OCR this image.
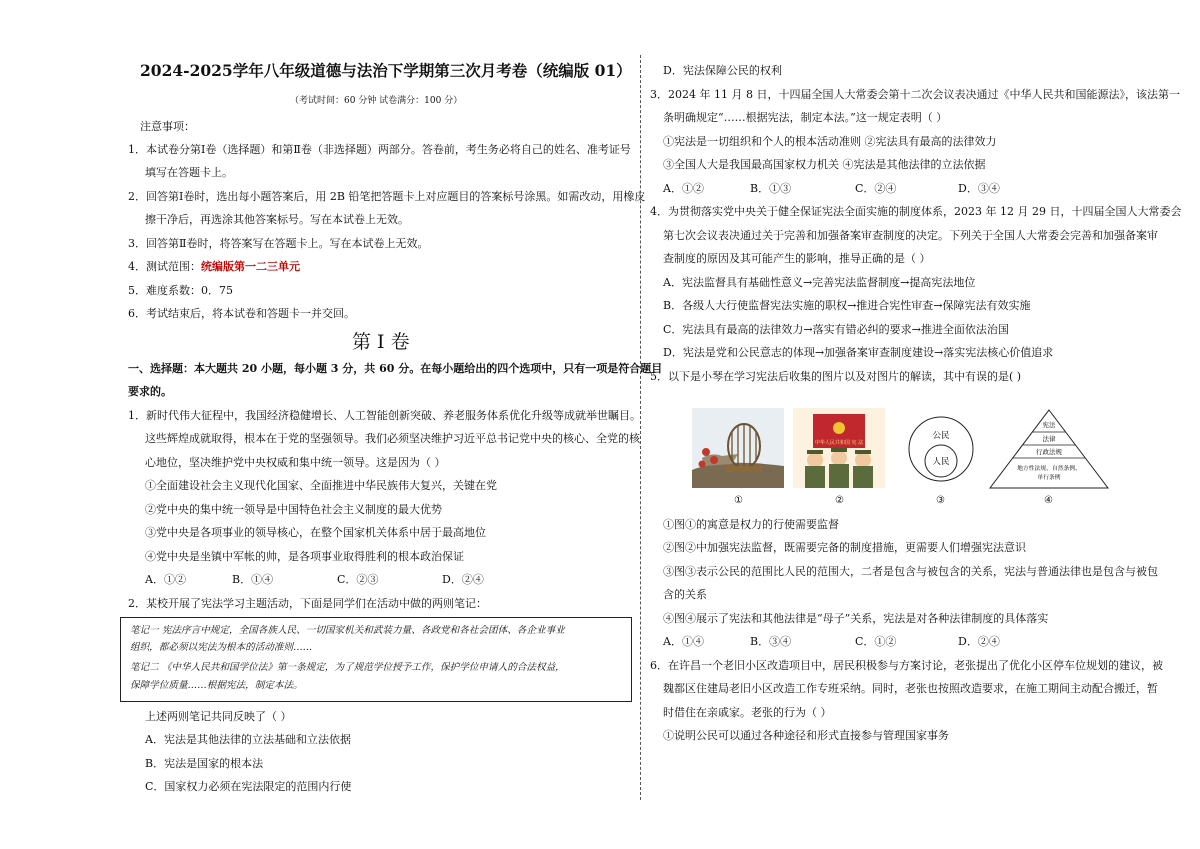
2024-2025学年八年级道德与法治下学期第三次月考卷（统编版 01）
（考试时间：60 分钟 试卷满分：100 分）
注意事项：
1．本试卷分第Ⅰ卷（选择题）和第Ⅱ卷（非选择题）两部分。答卷前，考生务必将自己的姓名、准考证号
填写在答题卡上。
2．回答第Ⅰ卷时，选出每小题答案后，用 2B 铅笔把答题卡上对应题目的答案标号涂黑。如需改动，用橡皮
擦干净后，再选涂其他答案标号。写在本试卷上无效。
3．回答第Ⅱ卷时，将答案写在答题卡上。写在本试卷上无效。
4．测试范围：统编版第一二三单元
5．难度系数：0．75
6．考试结束后，将本试卷和答题卡一并交回。
第 Ⅰ 卷
一、选择题：本大题共 20 小题，每小题 3 分，共 60 分。在每小题给出的四个选项中，只有一项是符合题目
要求的。
1．新时代伟大征程中，我国经济稳健增长、人工智能创新突破、养老服务体系优化升级等成就举世瞩目。
这些辉煌成就取得，根本在于党的坚强领导。我们必须坚决维护习近平总书记党中央的核心、全党的核
心地位，坚决维护党中央权威和集中统一领导。这是因为（ ）
①全面建设社会主义现代化国家、全面推进中华民族伟大复兴，关键在党
②党中央的集中统一领导是中国特色社会主义制度的最大优势
③党中央是各项事业的领导核心，在整个国家机关体系中居于最高地位
④党中央是坐镇中军帐的帅，是各项事业取得胜利的根本政治保证
A．①②	B．①④	C．②③	D．②④
2．某校开展了宪法学习主题活动，下面是同学们在活动中做的两则笔记：
笔记一 宪法序言中规定，全国各族人民、一切国家机关和武装力量、各政党和各社会团体、各企业事业
组织，都必须以宪法为根本的活动准则……
笔记二 《中华人民共和国学位法》第一条规定，为了规范学位授予工作，保护学位申请人的合法权益，
保障学位质量……根据宪法，制定本法。
上述两则笔记共同反映了（ ）
A．宪法是其他法律的立法基础和立法依据
B．宪法是国家的根本法
C．国家权力必须在宪法限定的范围内行使
D．宪法保障公民的权利
3．2024 年 11 月 8 日，十四届全国人大常委会第十二次会议表决通过《中华人民共和国能源法》，该法第一
条明确规定“……根据宪法，制定本法。”这一规定表明（ ）
①宪法是一切组织和个人的根本活动准则 ②宪法具有最高的法律效力
③全国人大是我国最高国家权力机关 ④宪法是其他法律的立法依据
A．①②	B．①③	C．②④	D．③④
4．为贯彻落实党中央关于健全保证宪法全面实施的制度体系，2023 年 12 月 29 日，十四届全国人大常委会
第七次会议表决通过关于完善和加强备案审查制度的决定。下列关于全国人大常委会完善和加强备案审
查制度的原因及其可能产生的影响，推导正确的是（ ）
A．宪法监督具有基础性意义→完善宪法监督制度→提高宪法地位
B．各级人大行使监督宪法实施的职权→推进合宪性审查→保障宪法有效实施
C．宪法具有最高的法律效力→落实有错必纠的要求→推进全面依法治国
D．宪法是党和公民意志的体现→加强备案审查制度建设→落实宪法核心价值追求
5．以下是小琴在学习宪法后收集的图片以及对图片的解读，其中有误的是( )
①
中华人民共和国 宪 法
②
公民
人民
③
宪法
法律
行政法规
地方性法规、自然条例、
单行条例
④
①图①的寓意是权力的行使需要监督
②图②中加强宪法监督，既需要完备的制度措施，更需要人们增强宪法意识
③图③表示公民的范围比人民的范围大，二者是包含与被包含的关系，宪法与普通法律也是包含与被包
含的关系
④图④展示了宪法和其他法律是“母子”关系，宪法是对各种法律制度的具体落实
A．①④	B．③④	C．①②	D．②④
6．在许昌一个老旧小区改造项目中，居民积极参与方案讨论，老张提出了优化小区停车位规划的建议，被
魏都区住建局老旧小区改造工作专班采纳。同时，老张也按照改造要求，在施工期间主动配合搬迁，暂
时借住在亲戚家。老张的行为（ ）
①说明公民可以通过各种途径和形式直接参与管理国家事务
